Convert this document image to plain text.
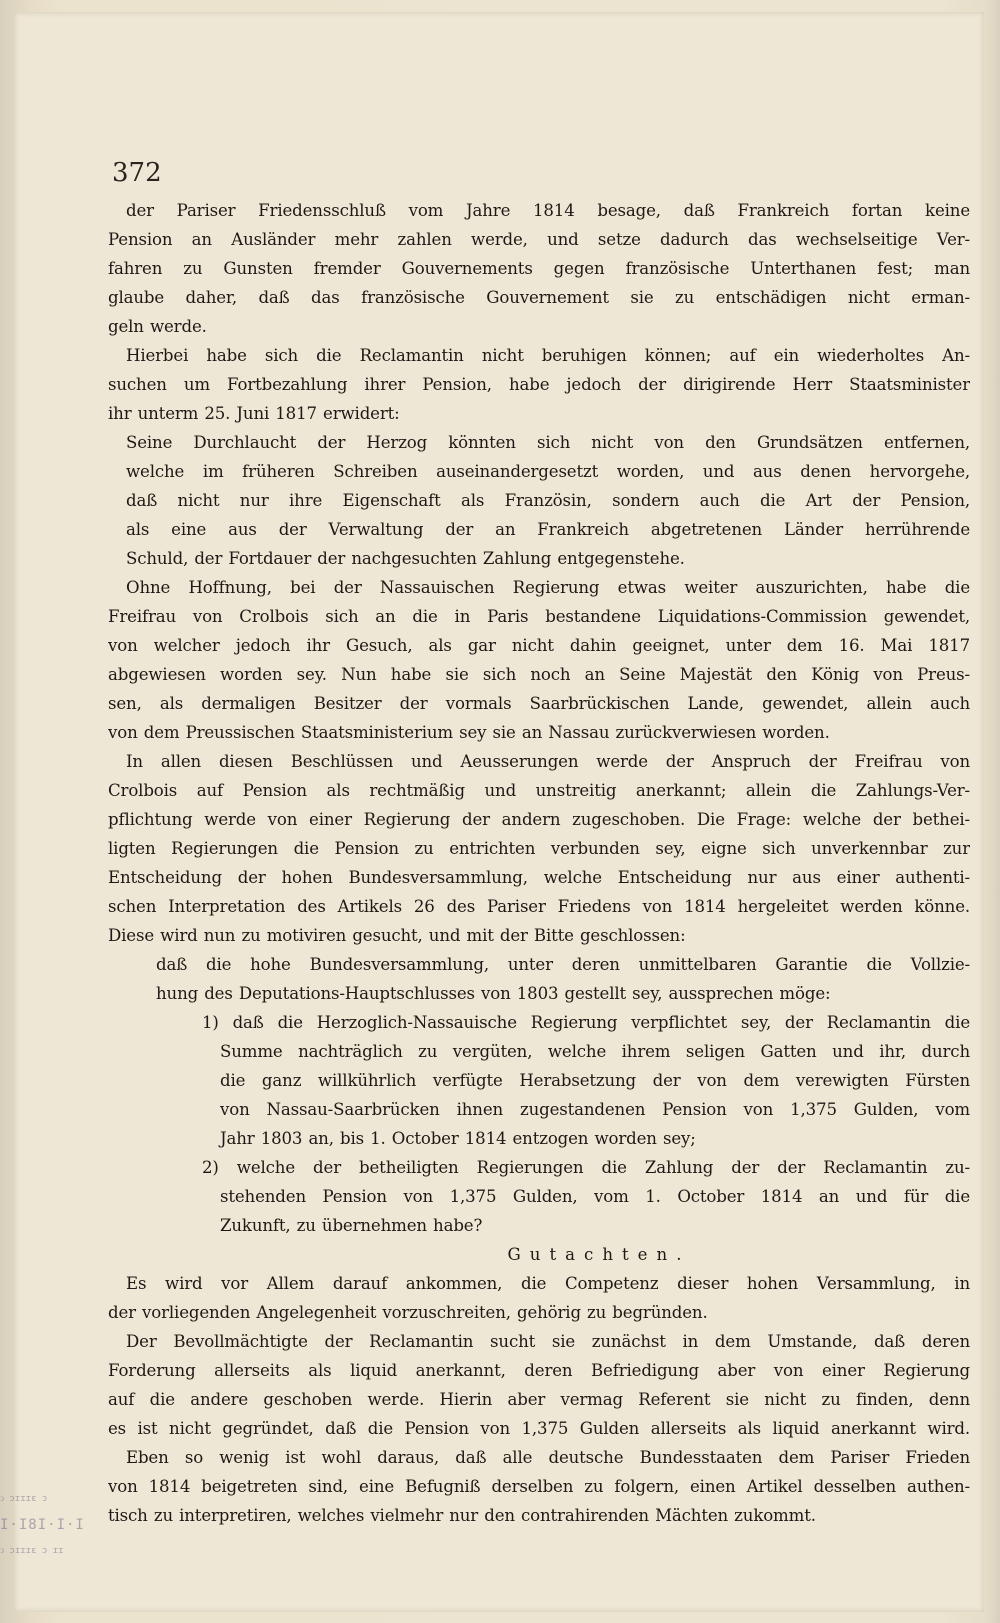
372
der Pariser Friedensschluß vom Jahre 1814 besage, daß Frankreich fortan keine
Pension an Ausländer mehr zahlen werde, und setze dadurch das wechselseitige Ver-
fahren zu Gunsten fremder Gouvernements gegen französische Unterthanen fest; man
glaube daher, daß das französische Gouvernement sie zu entschädigen nicht erman-
geln werde.
Hierbei habe sich die Reclamantin nicht beruhigen können; auf ein wiederholtes An-
suchen um Fortbezahlung ihrer Pension, habe jedoch der dirigirende Herr Staatsminister
ihr unterm 25. Juni 1817 erwidert:
Seine Durchlaucht der Herzog könnten sich nicht von den Grundsätzen entfernen,
welche im früheren Schreiben auseinandergesetzt worden, und aus denen hervorgehe,
daß nicht nur ihre Eigenschaft als Französin, sondern auch die Art der Pension,
als eine aus der Verwaltung der an Frankreich abgetretenen Länder herrührende
Schuld, der Fortdauer der nachgesuchten Zahlung entgegenstehe.
Ohne Hoffnung, bei der Nassauischen Regierung etwas weiter auszurichten, habe die
Freifrau von Crolbois sich an die in Paris bestandene Liquidations-Commission gewendet,
von welcher jedoch ihr Gesuch, als gar nicht dahin geeignet, unter dem 16. Mai 1817
abgewiesen worden sey. Nun habe sie sich noch an Seine Majestät den König von Preus-
sen, als dermaligen Besitzer der vormals Saarbrückischen Lande, gewendet, allein auch
von dem Preussischen Staatsministerium sey sie an Nassau zurückverwiesen worden.
In allen diesen Beschlüssen und Aeusserungen werde der Anspruch der Freifrau von
Crolbois auf Pension als rechtmäßig und unstreitig anerkannt; allein die Zahlungs-Ver-
pflichtung werde von einer Regierung der andern zugeschoben. Die Frage: welche der bethei-
ligten Regierungen die Pension zu entrichten verbunden sey, eigne sich unverkennbar zur
Entscheidung der hohen Bundesversammlung, welche Entscheidung nur aus einer authenti-
schen Interpretation des Artikels 26 des Pariser Friedens von 1814 hergeleitet werden könne.
Diese wird nun zu motiviren gesucht, und mit der Bitte geschlossen:
daß die hohe Bundesversammlung, unter deren unmittelbaren Garantie die Vollzie-
hung des Deputations-Hauptschlusses von 1803 gestellt sey, aussprechen möge:
1) daß die Herzoglich-Nassauische Regierung verpflichtet sey, der Reclamantin die
Summe nachträglich zu vergüten, welche ihrem seligen Gatten und ihr, durch
die ganz willkührlich verfügte Herabsetzung der von dem verewigten Fürsten
von Nassau-Saarbrücken ihnen zugestandenen Pension von 1,375 Gulden, vom
Jahr 1803 an, bis 1. October 1814 entzogen worden sey;
2) welche der betheiligten Regierungen die Zahlung der der Reclamantin zu-
stehenden Pension von 1,375 Gulden, vom 1. October 1814 an und für die
Zukunft, zu übernehmen habe?
Gutachten.
Es wird vor Allem darauf ankommen, die Competenz dieser hohen Versammlung, in
der vorliegenden Angelegenheit vorzuschreiten, gehörig zu begründen.
Der Bevollmächtigte der Reclamantin sucht sie zunächst in dem Umstande, daß deren
Forderung allerseits als liquid anerkannt, deren Befriedigung aber von einer Regierung
auf die andere geschoben werde. Hierin aber vermag Referent sie nicht zu finden, denn
es ist nicht gegründet, daß die Pension von 1,375 Gulden allerseits als liquid anerkannt wird.
Eben so wenig ist wohl daraus, daß alle deutsche Bundesstaaten dem Pariser Frieden
von 1814 beigetreten sind, eine Befugniß derselben zu folgern, einen Artikel desselben authen-
tisch zu interpretiren, welches vielmehr nur den contrahirenden Mächten zukommt.
ↄ ɔɪɪɪɛ ɔ
I·I8I·I·I
ↄ ɔɪɪɪɛ ɔ ɪɪ
